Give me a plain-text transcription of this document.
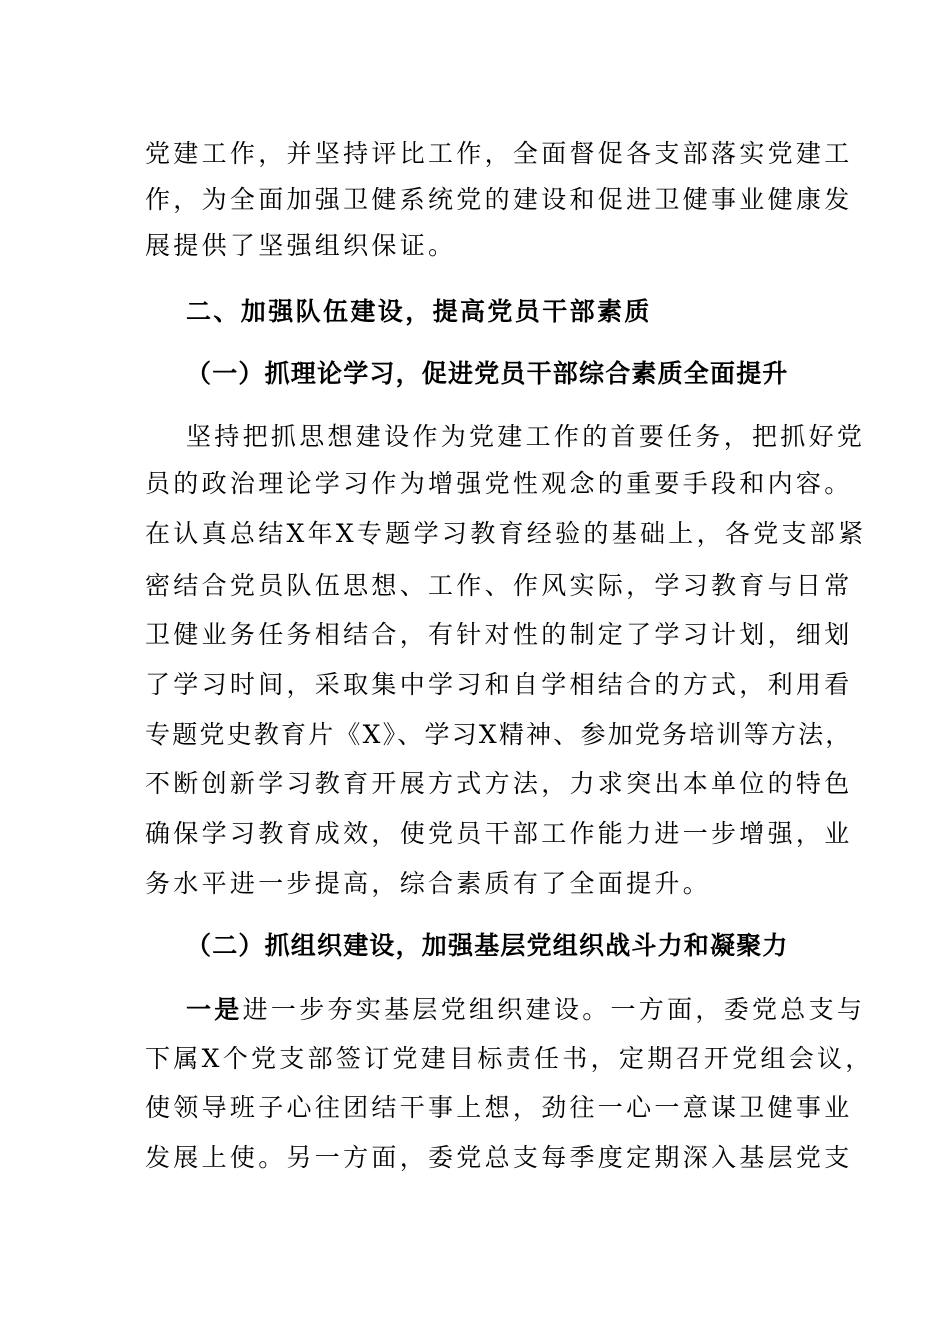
党建工作，并坚持评比工作，全面督促各支部落实党建工
作，为全面加强卫健系统党的建设和促进卫健事业健康发
展提供了坚强组织保证。
二、加强队伍建设，提高党员干部素质
（一）抓理论学习，促进党员干部综合素质全面提升
坚持把抓思想建设作为党建工作的首要任务，把抓好党
员的政治理论学习作为增强党性观念的重要手段和内容。
在认真总结X年X专题学习教育经验的基础上，各党支部紧
密结合党员队伍思想、工作、作风实际，学习教育与日常
卫健业务任务相结合，有针对性的制定了学习计划，细划
了学习时间，采取集中学习和自学相结合的方式，利用看
专题党史教育片《X》、学习X精神、参加党务培训等方法，
不断创新学习教育开展方式方法，力求突出本单位的特色
确保学习教育成效，使党员干部工作能力进一步增强，业
务水平进一步提高，综合素质有了全面提升。
（二）抓组织建设，加强基层党组织战斗力和凝聚力
一是进一步夯实基层党组织建设。一方面，委党总支与
下属X个党支部签订党建目标责任书，定期召开党组会议，
使领导班子心往团结干事上想，劲往一心一意谋卫健事业
发展上使。另一方面，委党总支每季度定期深入基层党支
